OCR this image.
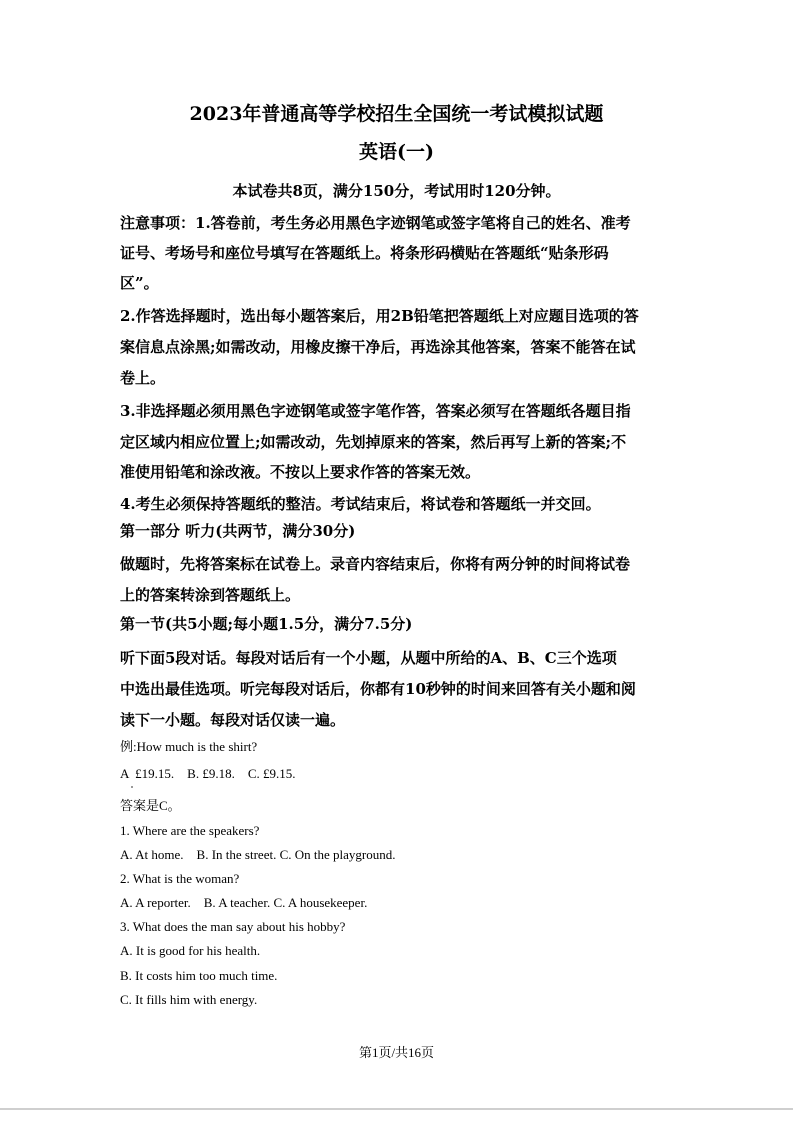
2023年普通高等学校招生全国统一考试模拟试题
英语(一)
本试卷共8页，满分150分，考试用时120分钟。
注意事项：1.答卷前，考生务必用黑色字迹钢笔或签字笔将自己的姓名、准考
证号、考场号和座位号填写在答题纸上。将条形码横贴在答题纸“贴条形码
区”。
2.作答选择题时，选出每小题答案后，用2B铅笔把答题纸上对应题目选项的答
案信息点涂黑;如需改动，用橡皮擦干净后，再选涂其他答案，答案不能答在试
卷上。
3.非选择题必须用黑色字迹钢笔或签字笔作答，答案必须写在答题纸各题目指
定区域内相应位置上;如需改动，先划掉原来的答案，然后再写上新的答案;不
准使用铅笔和涂改液。不按以上要求作答的答案无效。
4.考生必须保持答题纸的整洁。考试结束后，将试卷和答题纸一并交回。
第一部分 听力(共两节，满分30分)
做题时，先将答案标在试卷上。录音内容结束后，你将有两分钟的时间将试卷
上的答案转涂到答题纸上。
第一节(共5小题;每小题1.5分，满分7.5分)
听下面5段对话。每段对话后有一个小题，从题中所给的A、B、C三个选项
中选出最佳选项。听完每段对话后，你都有10秒钟的时间来回答有关小题和阅
读下一小题。每段对话仅读一遍。
例:How much is the shirt?
A  £19.15.    B. £9.18.    C. £9.15.
答案是C。
1. Where are the speakers?
A. At home.    B. In the street. C. On the playground.
2. What is the woman?
A. A reporter.    B. A teacher. C. A housekeeper.
3. What does the man say about his hobby?
A. It is good for his health.
B. It costs him too much time.
C. It fills him with energy.
第1页/共16页
